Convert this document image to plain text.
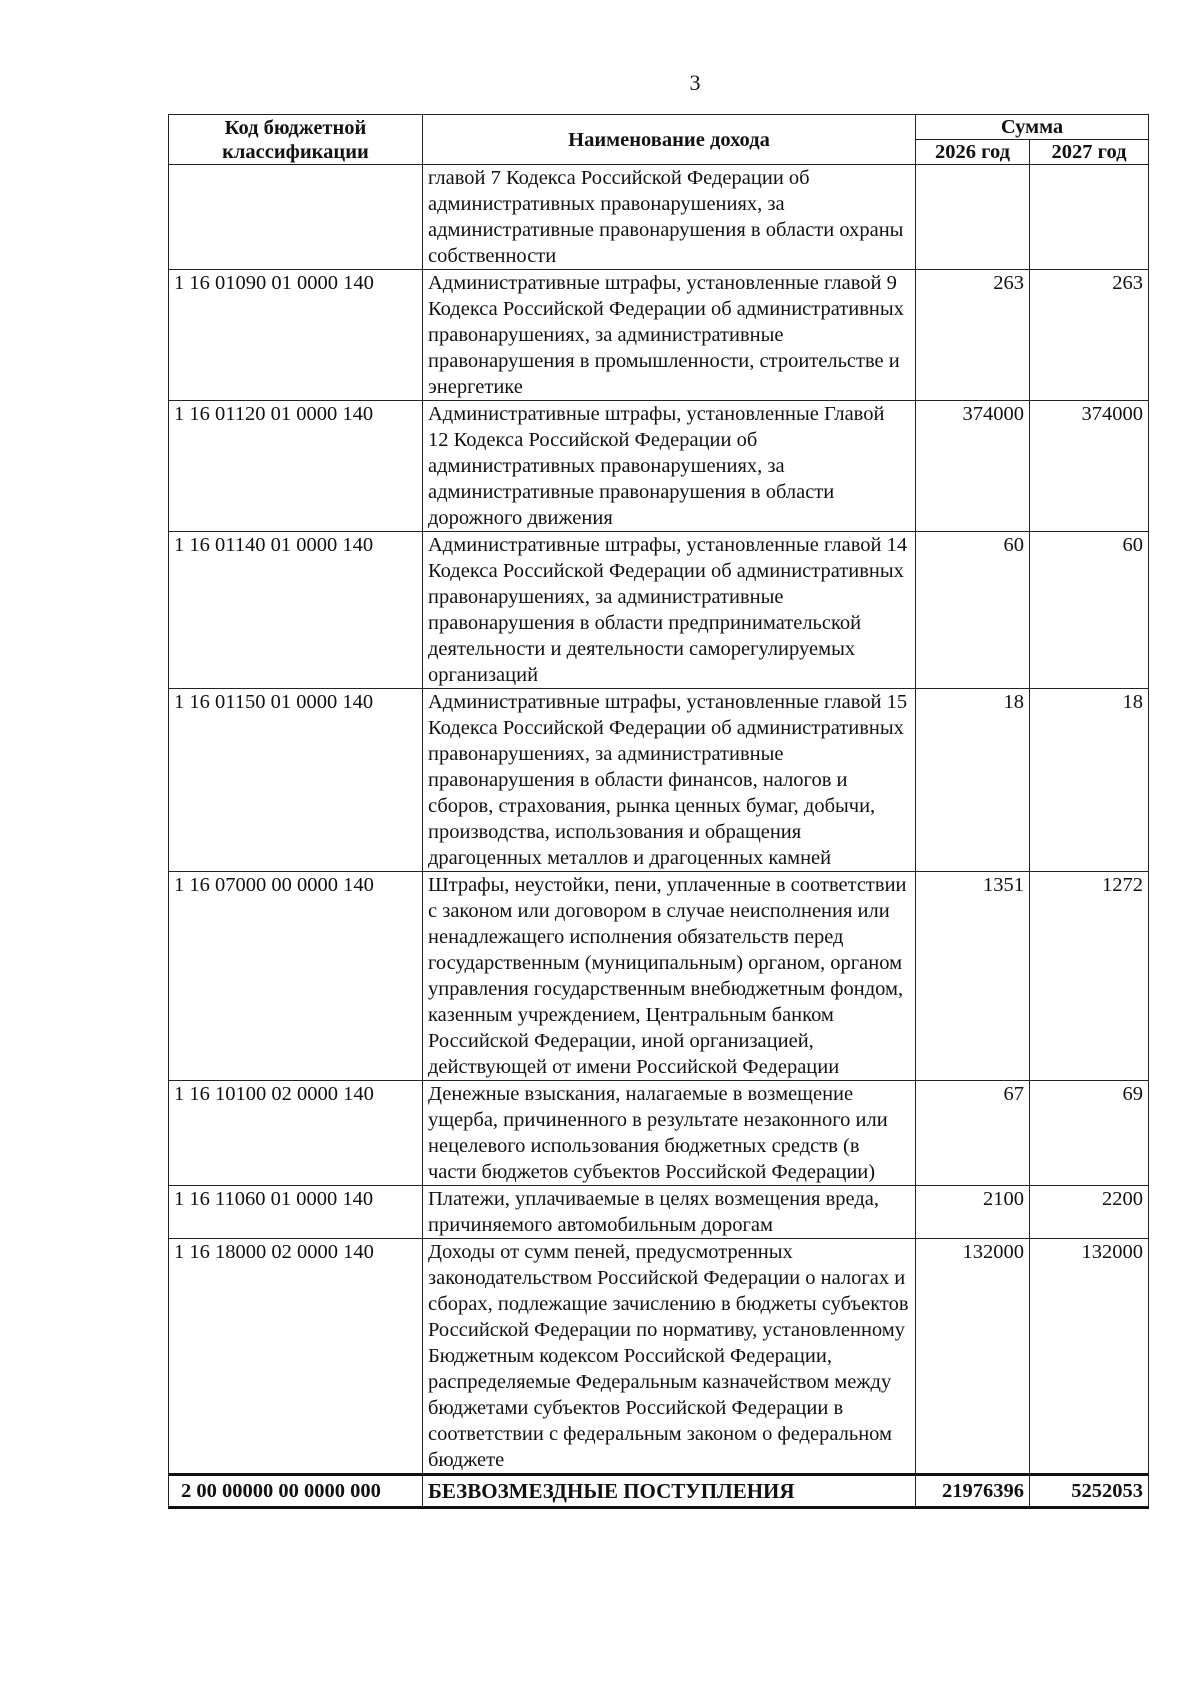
3
Код бюджетной классификации	Наименование дохода	Сумма	
		2026 год	2027 год
	главой 7 Кодекса Российской Федерации об административных правонарушениях, за административные правонарушения в области охраны собственности		
1 16 01090 01 0000 140	Административные штрафы, установленные главой 9 Кодекса Российской Федерации об административных правонарушениях, за административные правонарушения в промышленности, строительстве и энергетике	263	263
1 16 01120 01 0000 140	Административные штрафы, установленные Главой 12 Кодекса Российской Федерации об административных правонарушениях, за административные правонарушения в области дорожного движения	374000	374000
1 16 01140 01 0000 140	Административные штрафы, установленные главой 14 Кодекса Российской Федерации об административных правонарушениях, за административные правонарушения в области предпринимательской деятельности и деятельности саморегулируемых организаций	60	60
1 16 01150 01 0000 140	Административные штрафы, установленные главой 15 Кодекса Российской Федерации об административных правонарушениях, за административные правонарушения в области финансов, налогов и сборов, страхования, рынка ценных бумаг, добычи, производства, использования и обращения драгоценных металлов и драгоценных камней	18	18
1 16 07000 00 0000 140	Штрафы, неустойки, пени, уплаченные в соответствии с законом или договором в случае неисполнения или ненадлежащего исполнения обязательств перед государственным (муниципальным) органом, органом управления государственным внебюджетным фондом, казенным учреждением, Центральным банком Российской Федерации, иной организацией, действующей от имени Российской Федерации	1351	1272
1 16 10100 02 0000 140	Денежные взыскания, налагаемые в возмещение ущерба, причиненного в результате незаконного или нецелевого использования бюджетных средств (в части бюджетов субъектов Российской Федерации)	67	69
1 16 11060 01 0000 140	Платежи, уплачиваемые в целях возмещения вреда, причиняемого автомобильным дорогам	2100	2200
1 16 18000 02 0000 140	Доходы от сумм пеней, предусмотренных законодательством Российской Федерации о налогах и сборах, подлежащие зачислению в бюджеты субъектов Российской Федерации по нормативу, установленному Бюджетным кодексом Российской Федерации, распределяемые Федеральным казначейством между бюджетами субъектов Российской Федерации в соответствии с федеральным законом о федеральном бюджете	132000	132000
2 00 00000 00 0000 000	БЕЗВОЗМЕЗДНЫЕ ПОСТУПЛЕНИЯ	21976396	5252053
